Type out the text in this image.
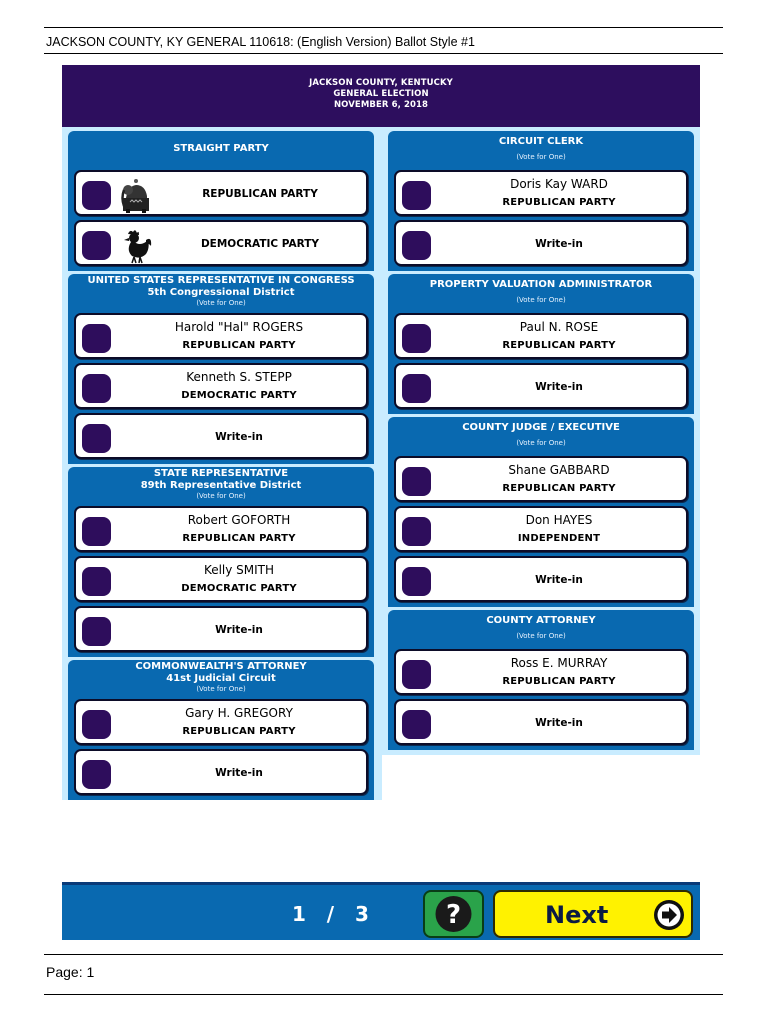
JACKSON COUNTY, KY GENERAL 110618: (English Version) Ballot Style #1
JACKSON COUNTY, KENTUCKY
GENERAL ELECTION
NOVEMBER 6, 2018
STRAIGHT PARTY
REPUBLICAN PARTY
DEMOCRATIC PARTY
UNITED STATES REPRESENTATIVE IN CONGRESS
5th Congressional District
(Vote for One)
Harold "Hal" ROGERS
REPUBLICAN PARTY
Kenneth S. STEPP
DEMOCRATIC PARTY
Write-in
STATE REPRESENTATIVE
89th Representative District
(Vote for One)
Robert GOFORTH
REPUBLICAN PARTY
Kelly SMITH
DEMOCRATIC PARTY
Write-in
COMMONWEALTH'S ATTORNEY
41st Judicial Circuit
(Vote for One)
Gary H. GREGORY
REPUBLICAN PARTY
Write-in
CIRCUIT CLERK
(Vote for One)
Doris Kay WARD
REPUBLICAN PARTY
Write-in
PROPERTY VALUATION ADMINISTRATOR
(Vote for One)
Paul N. ROSE
REPUBLICAN PARTY
Write-in
COUNTY JUDGE / EXECUTIVE
(Vote for One)
Shane GABBARD
REPUBLICAN PARTY
Don HAYES
INDEPENDENT
Write-in
COUNTY ATTORNEY
(Vote for One)
Ross E. MURRAY
REPUBLICAN PARTY
Write-in
1   /   3	?	Next
Page: 1
